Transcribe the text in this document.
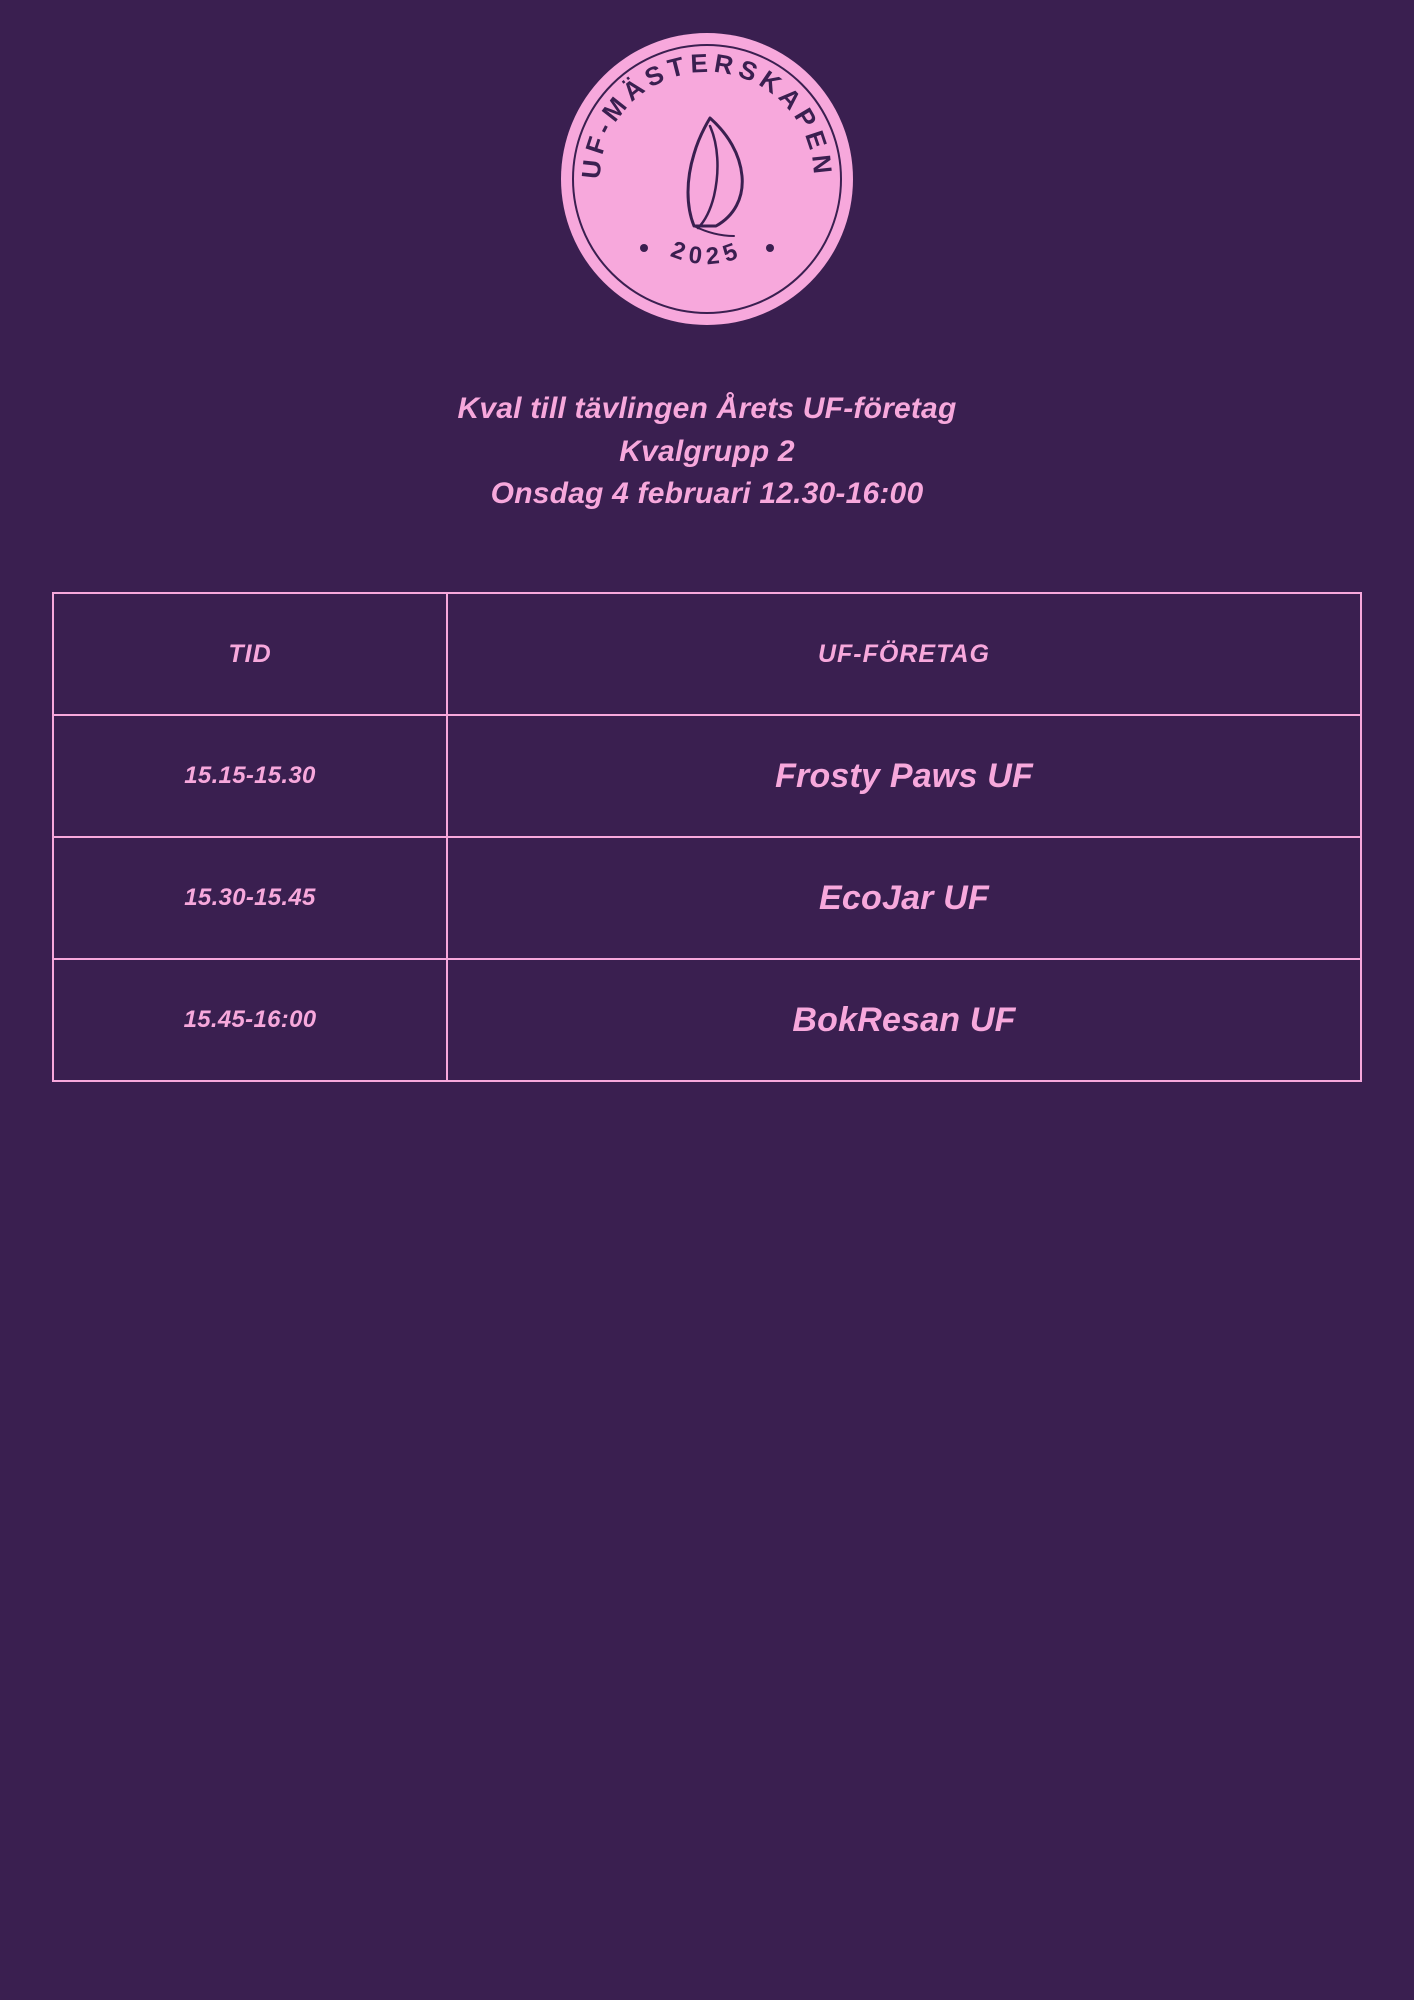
UF-MÄSTERSKAPEN
2025
Kval till tävlingen Årets UF-företag
Kvalgrupp 2
Onsdag 4 februari 12.30-16:00
TID	UF-FÖRETAG
15.15-15.30	Frosty Paws UF
15.30-15.45	EcoJar UF
15.45-16:00	BokResan UF
